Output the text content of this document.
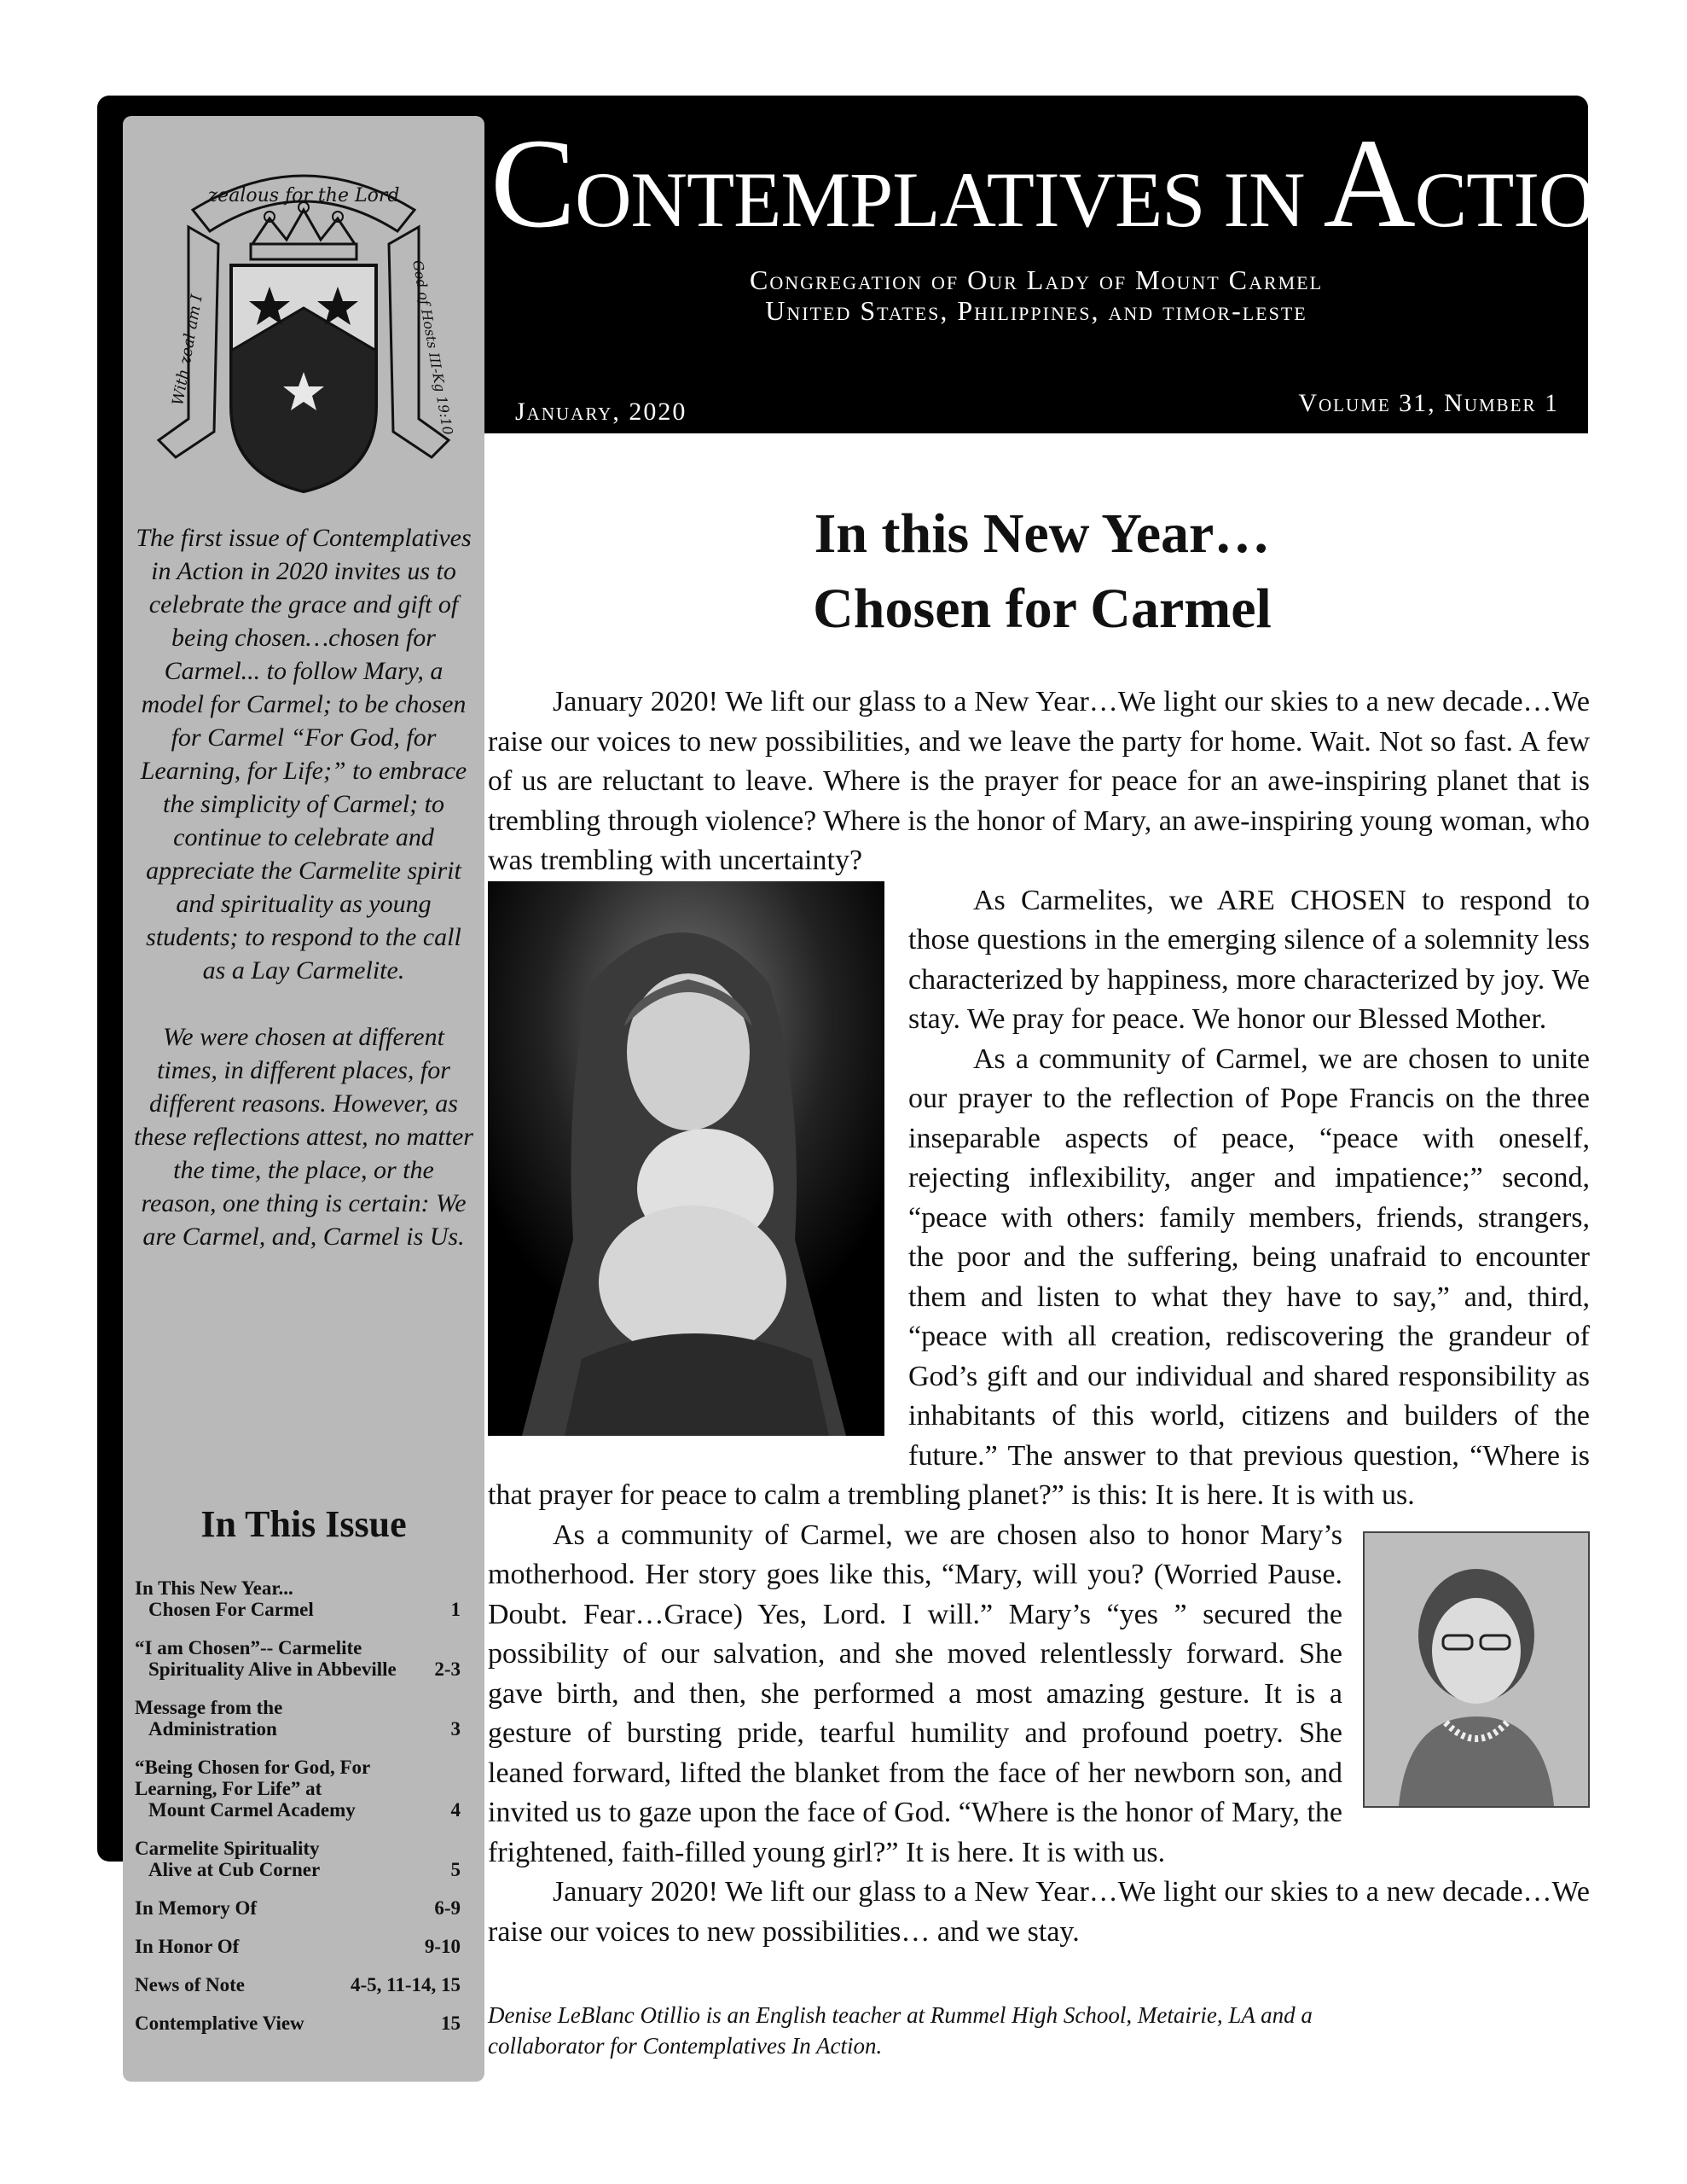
CONTEMPLATIVES IN ACTION
Congregation of Our Lady of Mount Carmel
United States, Philippines, and timor-leste
January, 2020	Volume 31, Number 1
zealous for the Lord
With zeal am I	God of Hosts III-Kg 19:10

The first issue of Contemplatives in Action in 2020 invites us to celebrate the grace and gift of being chosen…chosen for Carmel... to follow Mary, a model for Carmel; to be chosen for Carmel “For God, for Learning, for Life;” to embrace the simplicity of Carmel; to continue to celebrate and appreciate the Carmelite spirit and spirituality as young students; to respond to the call as a Lay Carmelite.

We were chosen at different times, in different places, for different reasons. However, as these reflections attest, no matter the time, the place, or the reason, one thing is certain: We are Carmel, and, Carmel is Us.

In This Issue
In This New Year...
Chosen For Carmel	1
“I am Chosen”-- Carmelite
Spirituality Alive in Abbeville	2-3
Message from the
Administration	3
“Being Chosen for God, For Learning, For Life” at
Mount Carmel Academy	4
Carmelite Spirituality
Alive at Cub Corner	5
In Memory Of	6-9
In Honor Of	9-10
News of Note	4-5, 11-14, 15
Contemplative View	15
In this New Year…
Chosen for Carmel

January 2020! We lift our glass to a New Year…We light our skies to a new decade…We raise our voices to new possibilities, and we leave the party for home. Wait. Not so fast. A few of us are reluctant to leave. Where is the prayer for peace for an awe-inspiring planet that is trembling through violence? Where is the honor of Mary, an awe-inspiring young woman, who was trembling with uncertainty?

As Carmelites, we ARE CHOSEN to respond to those questions in the emerging silence of a solemnity less characterized by happiness, more characterized by joy. We stay. We pray for peace. We honor our Blessed Mother.

As a community of Carmel, we are chosen to unite our prayer to the reflection of Pope Francis on the three inseparable aspects of peace, “peace with oneself, rejecting inflexibility, anger and impatience;” second, “peace with others: family members, friends, strangers, the poor and the suffering, being unafraid to encounter them and listen to what they have to say,” and, third, “peace with all creation, rediscovering the grandeur of God’s gift and our individual and shared responsibility as inhabitants of this world, citizens and builders of the future.” The answer to that previous question, “Where is that prayer for peace to calm a trembling planet?” is this: It is here. It is with us.

As a community of Carmel, we are chosen also to honor Mary’s motherhood. Her story goes like this, “Mary, will you? (Worried Pause. Doubt. Fear…Grace) Yes, Lord. I will.” Mary’s “yes ” secured the possibility of our salvation, and she moved relentlessly forward. She gave birth, and then, she performed a most amazing gesture. It is a gesture of bursting pride, tearful humility and profound poetry. She leaned forward, lifted the blanket from the face of her newborn son, and invited us to gaze upon the face of God. “Where is the honor of Mary, the frightened, faith-filled young girl?” It is here. It is with us.

January 2020! We lift our glass to a New Year…We light our skies to a new decade…We raise our voices to new possibilities… and we stay.

Denise LeBlanc Otillio is an English teacher at Rummel High School, Metairie, LA and a collaborator for Contemplatives In Action.
